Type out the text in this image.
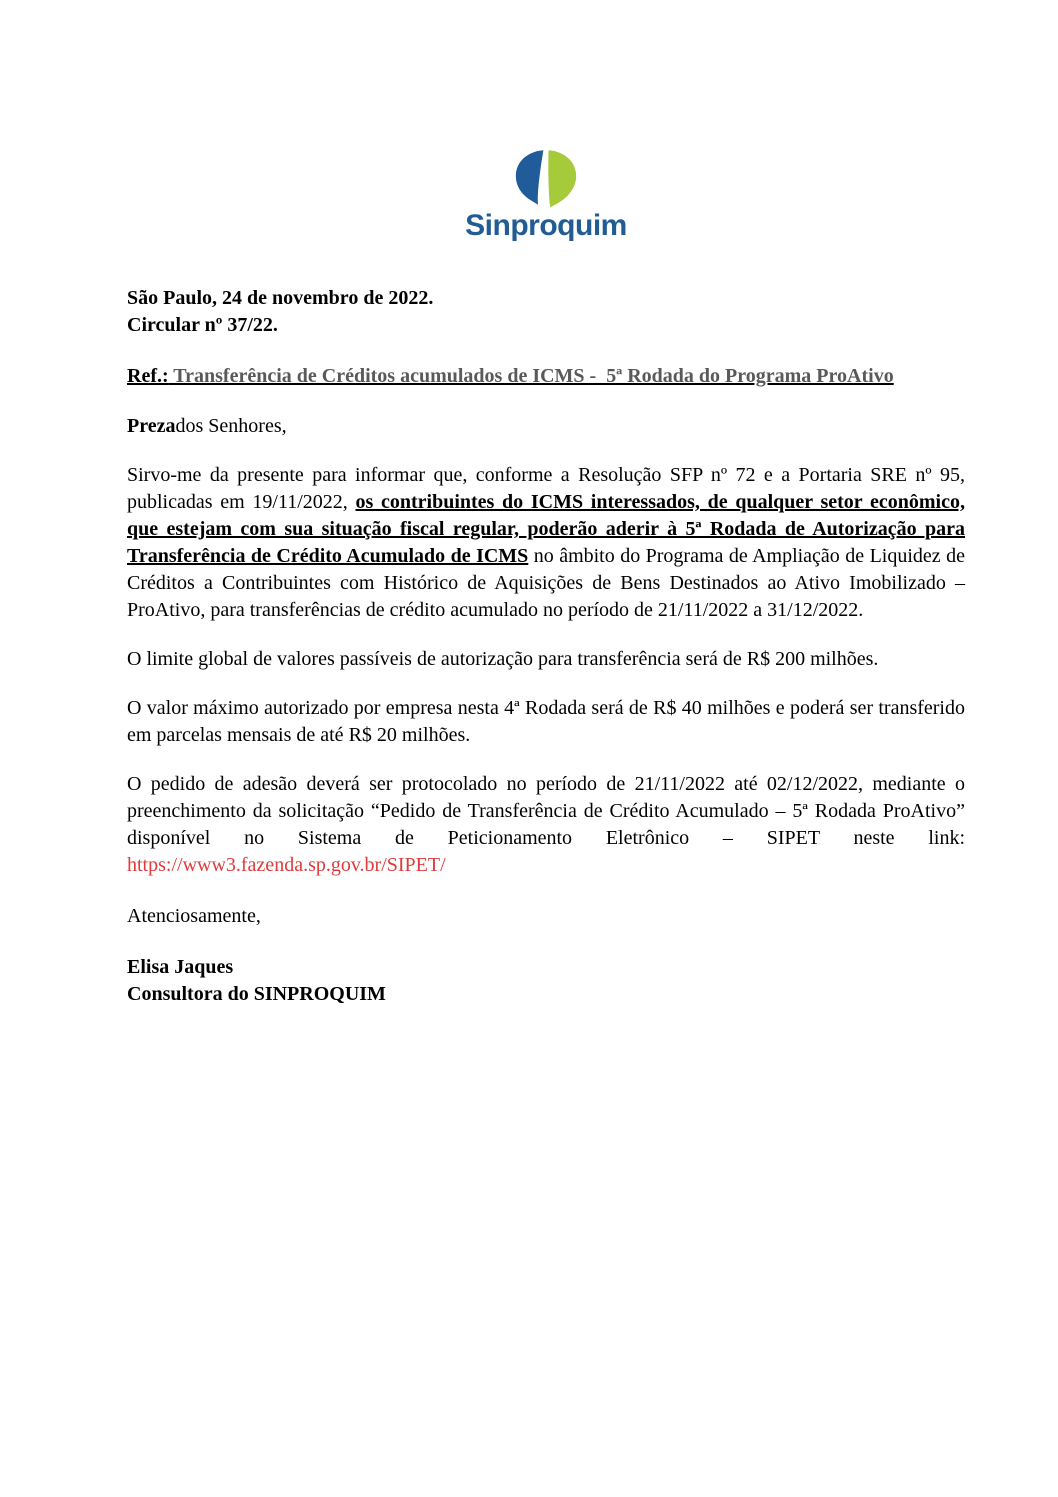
Sinproquim
São Paulo, 24 de novembro de 2022.
Circular nº 37/22.
Ref.: Transferência de Créditos acumulados de ICMS -  5ª Rodada do Programa ProAtivo
Prezados Senhores,

Sirvo-me da presente para informar que, conforme a Resolução SFP nº 72 e a Portaria SRE nº 95, publicadas em 19/11/2022, os contribuintes do ICMS interessados, de qualquer setor econômico, que estejam com sua situação fiscal regular, poderão aderir à 5ª Rodada de Autorização para Transferência de Crédito Acumulado de ICMS no âmbito do Programa de Ampliação de Liquidez de Créditos a Contribuintes com Histórico de Aquisições de Bens Destinados ao Ativo Imobilizado – ProAtivo, para transferências de crédito acumulado no período de 21/11/2022 a 31/12/2022.

O limite global de valores passíveis de autorização para transferência será de R$ 200 milhões.

O valor máximo autorizado por empresa nesta 4ª Rodada será de R$ 40 milhões e poderá ser transferido em parcelas mensais de até R$ 20 milhões.

O pedido de adesão deverá ser protocolado no período de 21/11/2022 até 02/12/2022, mediante o preenchimento da solicitação “Pedido de Transferência de Crédito Acumulado – 5ª Rodada ProAtivo” disponível no Sistema de Peticionamento Eletrônico – SIPET neste link: https://www3.fazenda.sp.gov.br/SIPET/

Atenciosamente,
Elisa Jaques
Consultora do SINPROQUIM
